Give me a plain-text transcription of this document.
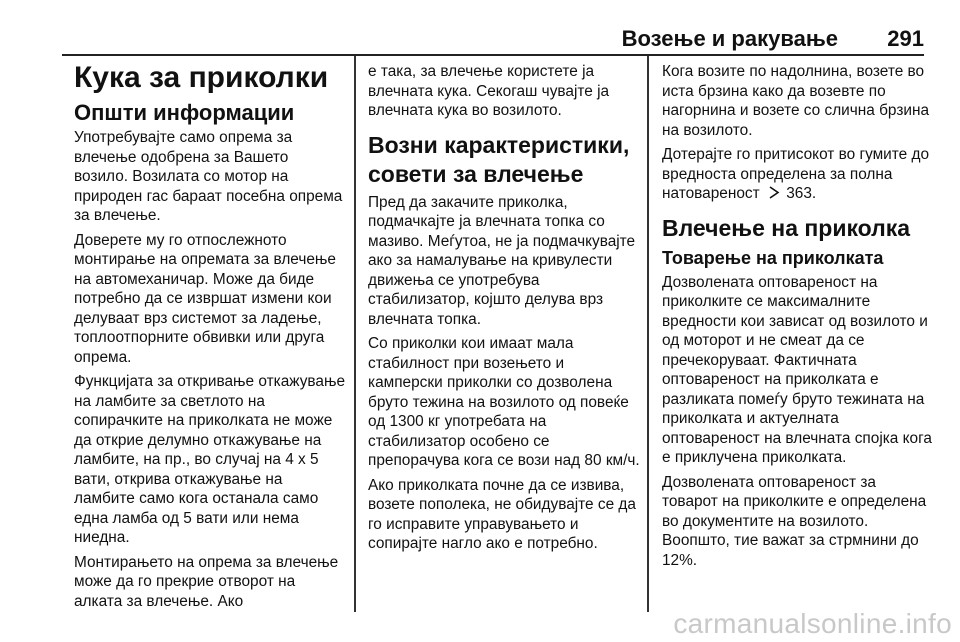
Возење и ракување 291
Кука за приколки
Општи информации

Употребувајте само опрема за влечење одобрена за Вашето возило. Возилата со мотор на природен гас бараат посебна опрема за влечење.

Доверете му го отпослежното монтирање на опремата за влечење на автомеханичар. Може да биде потребно да се извршат измени кои делуваат врз системот за ладење, топлоотпорните обвивки или друга опрема.

Функцијата за откривање откажување на ламбите за светлото на сопирачките на приколката не може да открие делумно откажување на ламбите, на пр., во случај на 4 х 5 вати, открива откажување на ламбите само кога останала само една ламба од 5 вати или нема ниедна.

Монтирањето на опрема за влечење може да го прекрие отворот на алката за влечење. Ако

е така, за влечење користете ја влечната кука. Секогаш чувајте ја влечната кука во возилото.

Возни карактеристики, совети за влечење

Пред да закачите приколка, подмачкајте ја влечната топка со мазиво. Меѓутоа, не ја подмачкувајте ако за намалување на кривулести движења се употребува стабилизатор, којшто делува врз влечната топка.

Со приколки кои имаат мала стабилност при возењето и камперски приколки со дозволена бруто тежина на возилото од повеќе од 1300 кг употребата на стабилизатор особено се препорачува кога се вози над 80 км/ч.

Ако приколката почне да се извива, возете пополека, не обидувајте се да го исправите управувањето и сопирајте нагло ако е потребно.

Кога возите по надолнина, возете во иста брзина како да возевте по нагорнина и возете со слична брзина на возилото.

Дотерајте го притисокот во гумите до вредноста определена за полна натовареност 363.

Влечење на приколка
Товарење на приколката

Дозволената оптовареност на приколките се максималните вредности кои зависат од возилото и од моторот и не смеат да се пречекоруваат. Фактичната оптовареност на приколката е разликата помеѓу бруто тежината на приколката и актуелната оптовареност на влечната спојка кога е приклучена приколката.

Дозволената оптовареност за товарот на приколките е определена во документите на возилото. Воопшто, тие важат за стрмнини до 12%.

carmanualsonline.info
